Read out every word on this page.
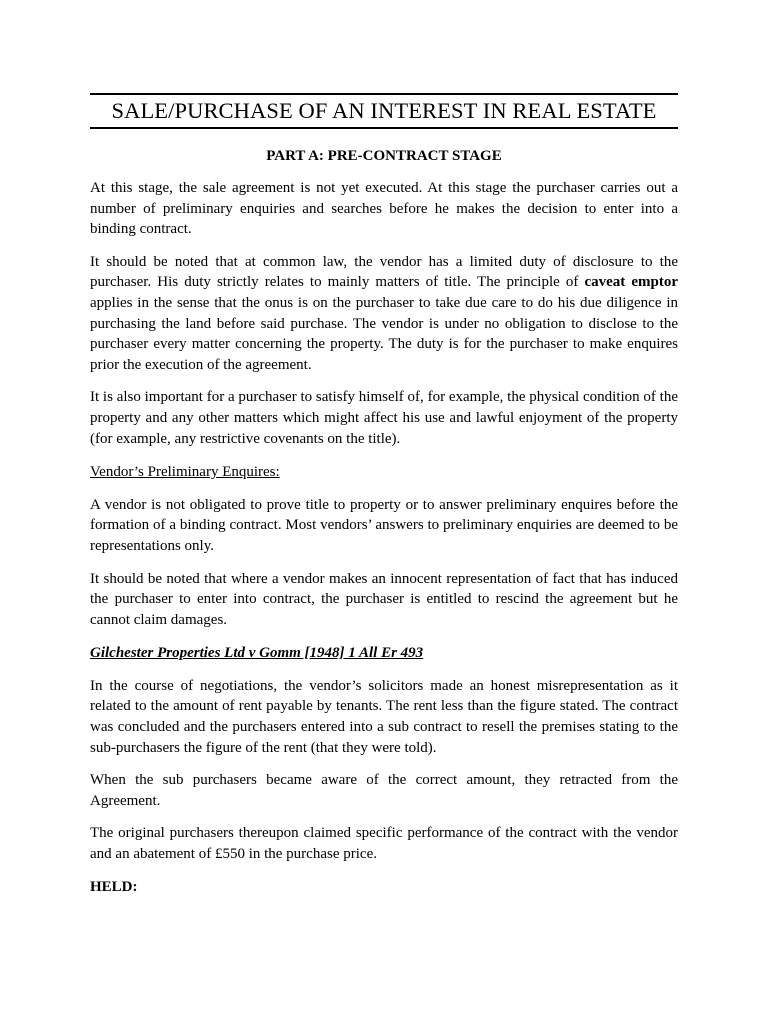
SALE/PURCHASE OF AN INTEREST IN REAL ESTATE
PART A: PRE-CONTRACT STAGE

At this stage, the sale agreement is not yet executed. At this stage the purchaser carries out a number of preliminary enquiries and searches before he makes the decision to enter into a binding contract.

It should be noted that at common law, the vendor has a limited duty of disclosure to the purchaser. His duty strictly relates to mainly matters of title. The principle of caveat emptor applies in the sense that the onus is on the purchaser to take due care to do his due diligence in purchasing the land before said purchase. The vendor is under no obligation to disclose to the purchaser every matter concerning the property. The duty is for the purchaser to make enquires prior the execution of the agreement.

It is also important for a purchaser to satisfy himself of, for example, the physical condition of the property and any other matters which might affect his use and lawful enjoyment of the property (for example, any restrictive covenants on the title).

Vendor’s Preliminary Enquires:

A vendor is not obligated to prove title to property or to answer preliminary enquires before the formation of a binding contract. Most vendors’ answers to preliminary enquiries are deemed to be representations only.

It should be noted that where a vendor makes an innocent representation of fact that has induced the purchaser to enter into contract, the purchaser is entitled to rescind the agreement but he cannot claim damages.

Gilchester Properties Ltd v Gomm [1948] 1 All Er 493

In the course of negotiations, the vendor’s solicitors made an honest misrepresentation as it related to the amount of rent payable by tenants. The rent less than the figure stated. The contract was concluded and the purchasers entered into a sub contract to resell the premises stating to the sub-purchasers the figure of the rent (that they were told).

When the sub purchasers became aware of the correct amount, they retracted from the Agreement.

The original purchasers thereupon claimed specific performance of the contract with the vendor and an abatement of £550 in the purchase price.

HELD:
